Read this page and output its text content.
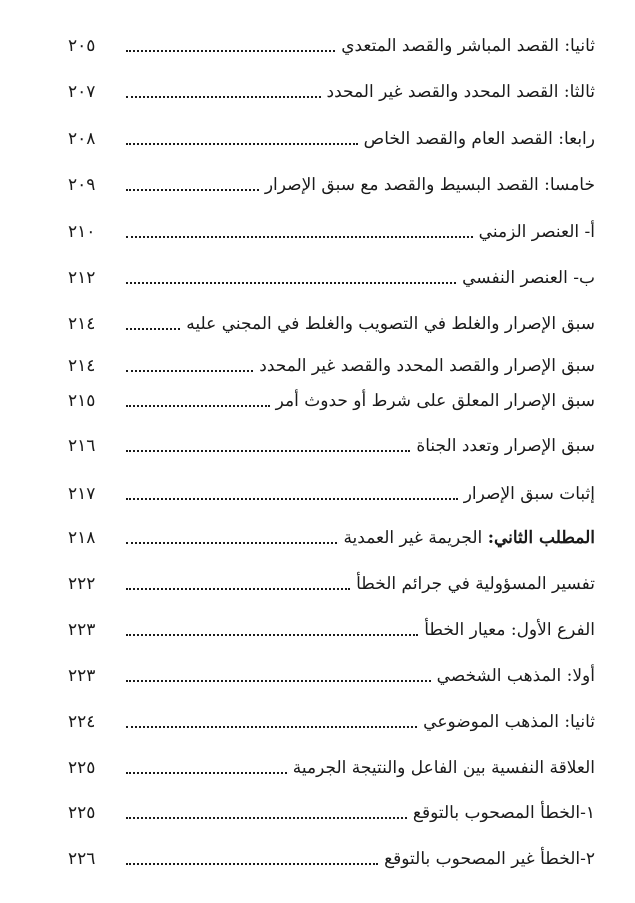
ثانيا: القصد المباشر والقصد المتعدي
٢٠٥
ثالثا: القصد المحدد والقصد غير المحدد
٢٠٧
رابعا: القصد العام والقصد الخاص
٢٠٨
خامسا: القصد البسيط والقصد مع سبق الإصرار
٢٠٩
أ- العنصر الزمني
٢١٠
ب- العنصر النفسي
٢١٢
سبق الإصرار والغلط في التصويب والغلط في المجني عليه
٢١٤
سبق الإصرار والقصد المحدد والقصد غير المحدد
٢١٤
سبق الإصرار المعلق على شرط أو حدوث أمر
٢١٥
سبق الإصرار وتعدد الجناة
٢١٦
إثبات سبق الإصرار
٢١٧
المطلب الثاني: الجريمة غير العمدية
٢١٨
تفسير المسؤولية في جرائم الخطأ
٢٢٢
الفرع الأول: معيار الخطأ
٢٢٣
أولا: المذهب الشخصي
٢٢٣
ثانيا: المذهب الموضوعي
٢٢٤
العلاقة النفسية بين الفاعل والنتيجة الجرمية
٢٢٥
١-الخطأ المصحوب بالتوقع
٢٢٥
٢-الخطأ غير المصحوب بالتوقع
٢٢٦
